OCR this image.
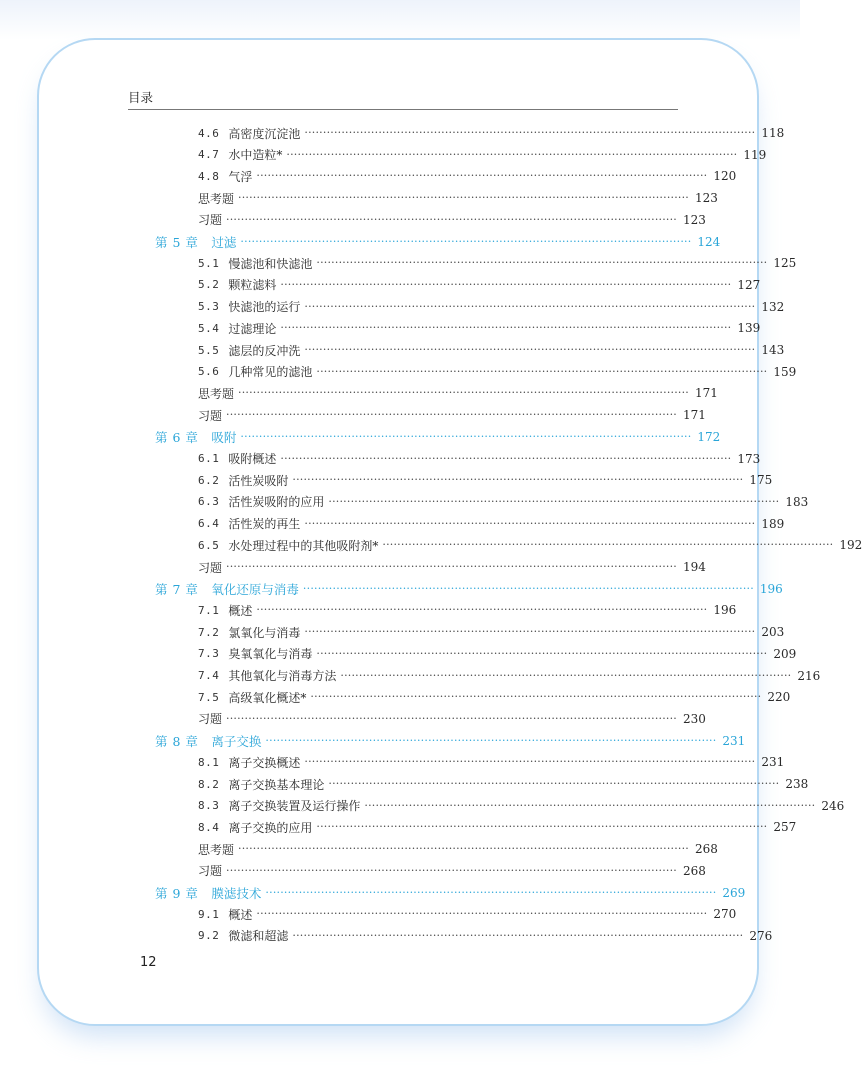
目录
4.6 高密度沉淀池 ·························································································································· 118
4.7 水中造粒* ·························································································································· 119
4.8 气浮 ·························································································································· 120
思考题 ·························································································································· 123
习题 ·························································································································· 123
第 5 章 过滤 ·························································································································· 124
5.1 慢滤池和快滤池 ·························································································································· 125
5.2 颗粒滤料 ·························································································································· 127
5.3 快滤池的运行 ·························································································································· 132
5.4 过滤理论 ·························································································································· 139
5.5 滤层的反冲洗 ·························································································································· 143
5.6 几种常见的滤池 ·························································································································· 159
思考题 ·························································································································· 171
习题 ·························································································································· 171
第 6 章 吸附 ·························································································································· 172
6.1 吸附概述 ·························································································································· 173
6.2 活性炭吸附 ·························································································································· 175
6.3 活性炭吸附的应用 ·························································································································· 183
6.4 活性炭的再生 ·························································································································· 189
6.5 水处理过程中的其他吸附剂* ·························································································································· 192
习题 ·························································································································· 194
第 7 章 氧化还原与消毒 ·························································································································· 196
7.1 概述 ·························································································································· 196
7.2 氯氧化与消毒 ·························································································································· 203
7.3 臭氧氧化与消毒 ·························································································································· 209
7.4 其他氧化与消毒方法 ·························································································································· 216
7.5 高级氧化概述* ·························································································································· 220
习题 ·························································································································· 230
第 8 章 离子交换 ·························································································································· 231
8.1 离子交换概述 ·························································································································· 231
8.2 离子交换基本理论 ·························································································································· 238
8.3 离子交换装置及运行操作 ·························································································································· 246
8.4 离子交换的应用 ·························································································································· 257
思考题 ·························································································································· 268
习题 ·························································································································· 268
第 9 章 膜滤技术 ·························································································································· 269
9.1 概述 ·························································································································· 270
9.2 微滤和超滤 ·························································································································· 276
12
